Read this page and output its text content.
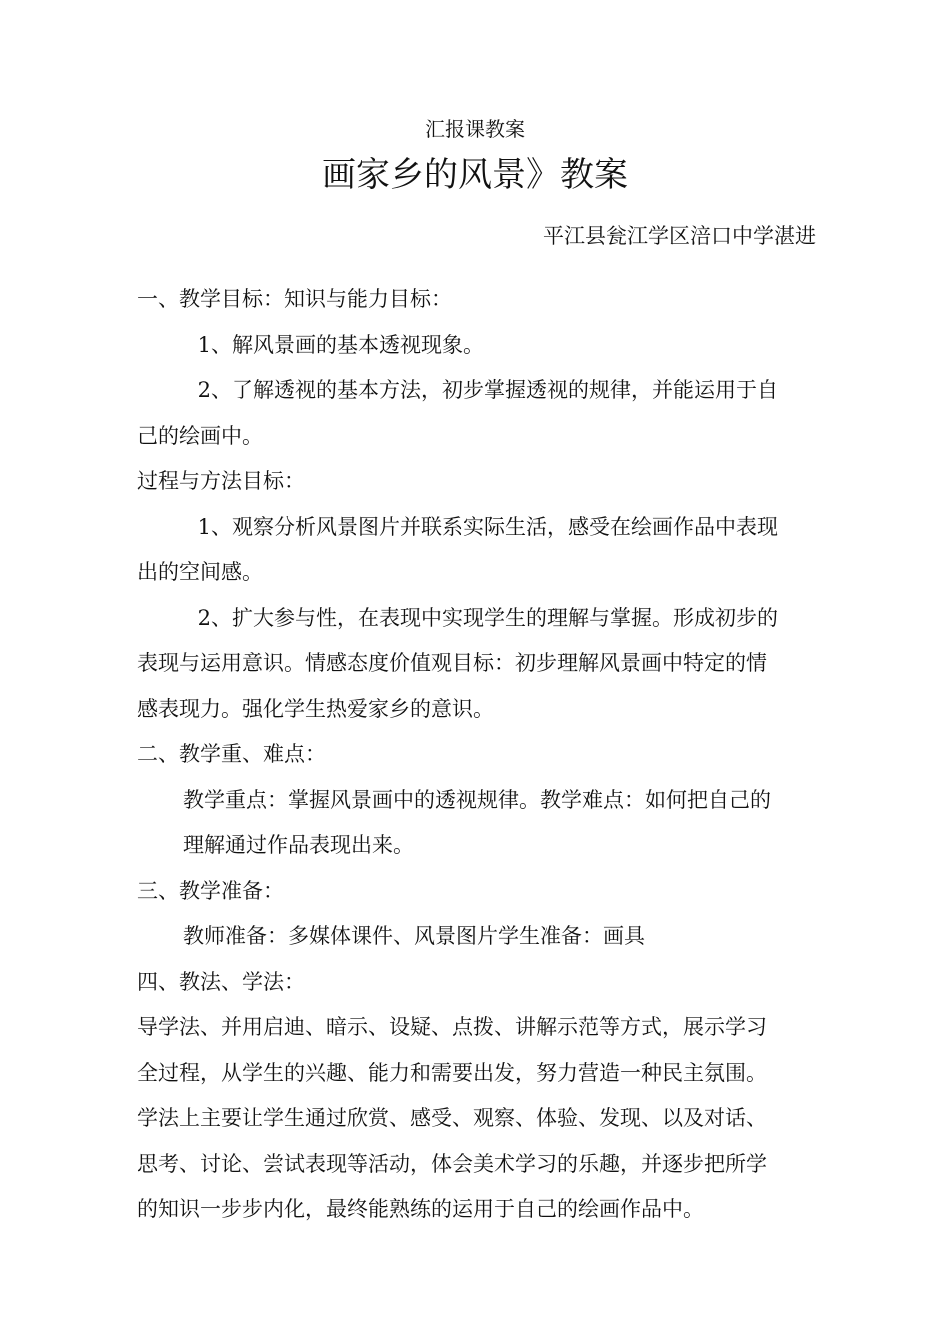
汇报课教案
画家乡的风景》教案
平江县瓮江学区涪口中学湛进
一、教学目标：知识与能力目标：
1、解风景画的基本透视现象。
2、了解透视的基本方法，初步掌握透视的规律，并能运用于自
己的绘画中。
过程与方法目标：
1、观察分析风景图片并联系实际生活，感受在绘画作品中表现
出的空间感。
2、扩大参与性，在表现中实现学生的理解与掌握。形成初步的
表现与运用意识。情感态度价值观目标：初步理解风景画中特定的情
感表现力。强化学生热爱家乡的意识。
二、教学重、难点：
教学重点：掌握风景画中的透视规律。教学难点：如何把自己的
理解通过作品表现出来。
三、教学准备：
教师准备：多媒体课件、风景图片学生准备：画具
四、教法、学法：
导学法、并用启迪、暗示、设疑、点拨、讲解示范等方式，展示学习
全过程，从学生的兴趣、能力和需要出发，努力营造一种民主氛围。
学法上主要让学生通过欣赏、感受、观察、体验、发现、以及对话、
思考、讨论、尝试表现等活动，体会美术学习的乐趣，并逐步把所学
的知识一步步内化，最终能熟练的运用于自己的绘画作品中。
